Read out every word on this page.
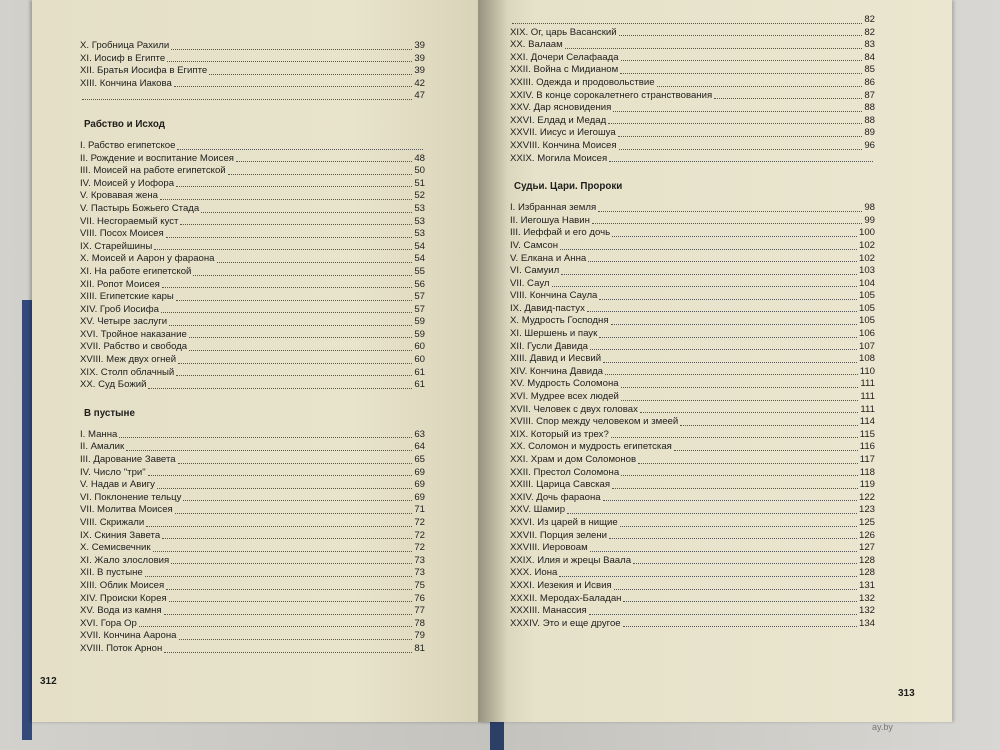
X. Гробница Рахили	39
XI. Иосиф в Египте	39
XII. Братья Иосифа в Египте	39
XIII. Кончина Иакова	42
47
Рабство и Исход
I. Рабство египетское
II. Рождение и воспитание Моисея	48
III. Моисей на работе египетской	50
IV. Моисей у Иофора	51
V. Кровавая жена	52
V. Пастырь Божьего Стада	53
VII. Несгораемый куст	53
VIII. Посох Моисея	53
IX. Старейшины	54
X. Моисей и Аарон у фараона	54
XI. На работе египетской	55
XII. Ропот Моисея	56
XIII. Египетские кары	57
XIV. Гроб Иосифа	57
XV. Четыре заслуги	59
XVI. Тройное наказание	59
XVII. Рабство и свобода	60
XVIII. Меж двух огней	60
XIX. Столп облачный	61
XX. Суд Божий	61
В пустыне
I. Манна	63
II. Амалик	64
III. Дарование Завета	65
IV. Число "три"	69
V. Надав и Авигу	69
VI. Поклонение тельцу	69
VII. Молитва Моисея	71
VIII. Скрижали	72
IX. Скиния Завета	72
X. Семисвечник	72
XI. Жало злословия	73
XII. В пустыне	73
XIII. Облик Моисея	75
XIV. Происки Корея	76
XV. Вода из камня	77
XVI. Гора Ор	78
XVII. Кончина Аарона	79
XVIII. Поток Арнон	81
82
XIX. Ог, царь Васанский	82
XX. Валаам	83
XXI. Дочери Селафаада	84
XXII. Война с Мидианом	85
XXIII. Одежда и продовольствие	86
XXIV. В конце сорокалетнего странствования	87
XXV. Дар ясновидения	88
XXVI. Елдад и Медад	88
XXVII. Иисус и Иегошуа	89
XXVIII. Кончина Моисея	96
XXIX. Могила Моисея
Судьи. Цари. Пророки
I. Избранная земля	98
II. Иегошуа Навин	99
III. Иеффай и его дочь	100
IV. Самсон	102
V. Елкана и Анна	102
VI. Самуил	103
VII. Саул	104
VIII. Кончина Саула	105
IX. Давид-пастух	105
X. Мудрость Господня	105
XI. Шершень и паук	106
XII. Гусли Давида	107
XIII. Давид и Иесвий	108
XIV. Кончина Давида	110
XV. Мудрость Соломона	111
XVI. Мудрее всех людей	111
XVII. Человек с двух головах	111
XVIII. Спор между человеком и змеей	114
XIX. Который из трех?	115
XX. Соломон и мудрость египетская	116
XXI. Храм и дом Соломонов	117
XXII. Престол Соломона	118
XXIII. Царица Савская	119
XXIV. Дочь фараона	122
XXV. Шамир	123
XXVI. Из царей в нищие	125
XXVII. Порция зелени	126
XXVIII. Иеровоам	127
XXIX. Илия и жрецы Ваала	128
XXX. Иона	128
XXXI. Иезекия и Исвия	131
XXXII. Меродах-Баладан	132
XXXIII. Манассия	132
XXXIV. Это и еще другое	134
312
313
ay.by
